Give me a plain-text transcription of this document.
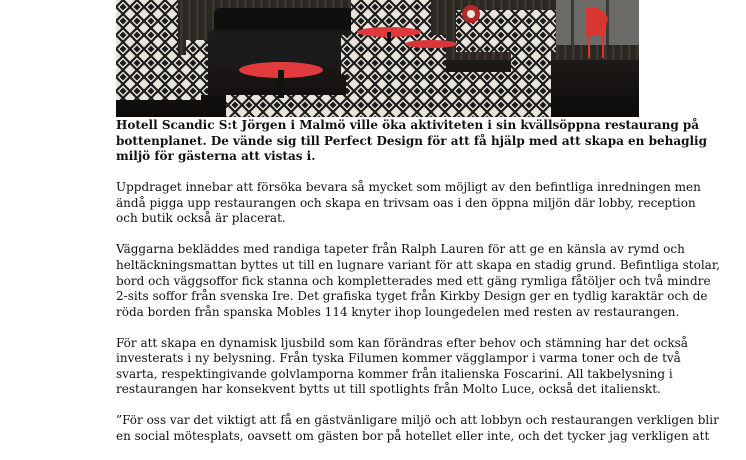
Hotell Scandic S:t Jörgen i Malmö ville öka aktiviteten i sin kvällsöppna restaurang på
bottenplanet. De vände sig till Perfect Design för att få hjälp med att skapa en behaglig
miljö för gästerna att vistas i.

Uppdraget innebar att försöka bevara så mycket som möjligt av den befintliga inredningen men
ändå pigga upp restaurangen och skapa en trivsam oas i den öppna miljön där lobby, reception
och butik också är placerat.

Väggarna bekläddes med randiga tapeter från Ralph Lauren för att ge en känsla av rymd och
heltäckningsmattan byttes ut till en lugnare variant för att skapa en stadig grund. Befintliga stolar,
bord och väggsoffor fick stanna och kompletterades med ett gäng rymliga fåtöljer och två mindre
2-sits soffor från svenska Ire. Det grafiska tyget från Kirkby Design ger en tydlig karaktär och de
röda borden från spanska Mobles 114 knyter ihop loungedelen med resten av restaurangen.

För att skapa en dynamisk ljusbild som kan förändras efter behov och stämning har det också
investerats i ny belysning. Från tyska Filumen kommer vägglampor i varma toner och de två
svarta, respektingivande golvlamporna kommer från italienska Foscarini. All takbelysning i
restaurangen har konsekvent bytts ut till spotlights från Molto Luce, också det italienskt.

”För oss var det viktigt att få en gästvänligare miljö och att lobbyn och restaurangen verkligen blir
en social mötesplats, oavsett om gästen bor på hotellet eller inte, och det tycker jag verkligen att
